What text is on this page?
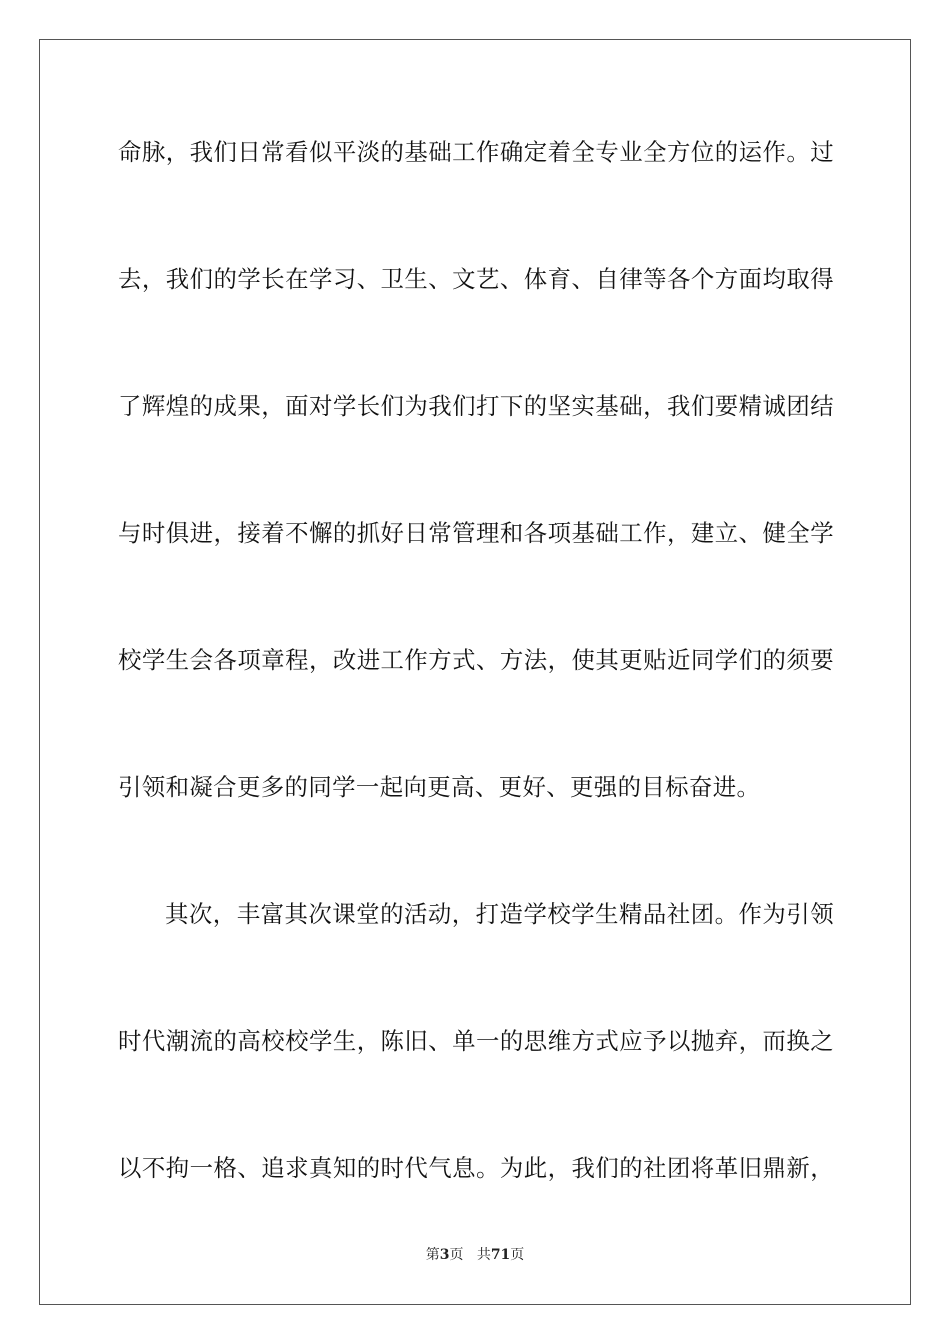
命脉，我们日常看似平淡的基础工作确定着全专业全方位的运作。过
去，我们的学长在学习、卫生、文艺、体育、自律等各个方面均取得
了辉煌的成果，面对学长们为我们打下的坚实基础，我们要精诚团结
与时俱进，接着不懈的抓好日常管理和各项基础工作，建立、健全学
校学生会各项章程，改进工作方式、方法，使其更贴近同学们的须要
引领和凝合更多的同学一起向更高、更好、更强的目标奋进。
其次，丰富其次课堂的活动，打造学校学生精品社团。作为引领
时代潮流的高校校学生，陈旧、单一的思维方式应予以抛弃，而换之
以不拘一格、追求真知的时代气息。为此，我们的社团将革旧鼎新，
第3页 共71页
